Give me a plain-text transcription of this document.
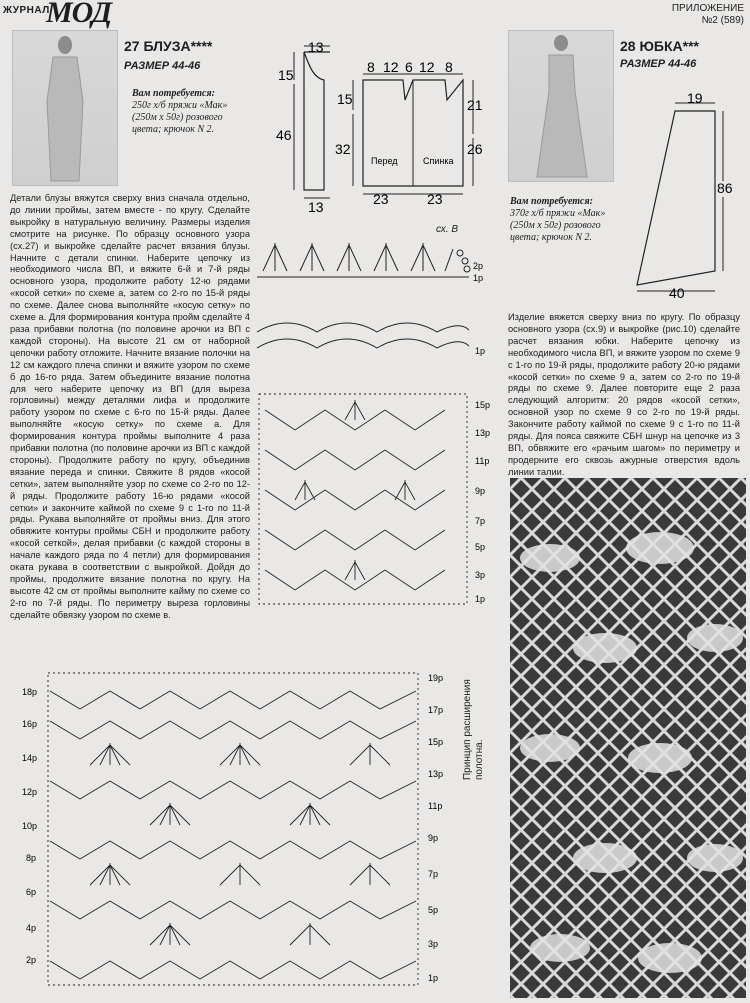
ЖУРНАЛ
МОД	ПРИЛОЖЕНИЕ
№2 (589)
27 БЛУЗА****
РАЗМЕР 44-46
Вам потребуется:
250г х/б пряжи «Мак» (250м х 50г) розового цвета; крючок N 2.
13
15
46
13
8 12 6 12 8
15
32
21
26
23	23
Перед	Спинка

Детали блузы вяжутся сверху вниз сначала отдельно, до линии проймы, затем вместе - по кругу. Сделайте выкройку в натуральную величину. Размеры изделия смотрите на рисунке. По образцу основного узора (сх.27) и выкройке сделайте расчет вязания блузы. Начните с детали спинки. Наберите цепочку из необходимого числа ВП, и вяжите 6-й и 7-й ряды основного узора, продолжите работу 12-ю рядами «косой сетки» по схеме а, затем со 2-го по 15-й ряды по схеме. Далее снова выполняйте «косую сетку» по схеме а. Для формирования контура пройм сделайте 4 раза прибавки полотна (по половине арочки из ВП с каждой стороны). На высоте 21 см от наборной цепочки работу отложите. Начните вязание полочки на 12 см каждого плеча спинки и вяжите узором по схеме б до 16-го ряда. Затем объедините вязание полотна для чего наберите цепочку из ВП (для выреза горловины) между деталями лифа и продолжите работу узором по схеме с 6-го по 15-й ряды. Далее выполняйте «косую сетку» по схеме а. Для формирования контура проймы выполните 4 раза прибавки полотна (по половине арочки из ВП с каждой стороны). Продолжите работу по кругу, объединив вязание переда и спинки. Свяжите 8 рядов «косой сетки», затем выполняйте узор по схеме со 2-го по 12-й ряды. Продолжите работу 16-ю рядами «косой сетки» и закончите каймой по схеме 9 с 1-го по 11-й ряды. Рукава выполняйте от проймы вниз. Для этого обвяжите контуры проймы СБН и продолжите работу «косой сеткой», делая прибавки (с каждой стороны в начале каждого ряда по 4 петли) для формирования оката рукава в соответствии с выкройкой. Дойдя до проймы, продолжите вязание полотна по кругу. На высоте 42 см от проймы выполните кайму по схеме со 2-го по 7-й ряды. По периметру выреза горловины сделайте обвязку узором по схеме в.

сх. В
2р
1р
1р
1р
3р
5р
7р
9р
11р
13р
15р
28 ЮБКА***
РАЗМЕР 44-46
Вам потребуется:
370г х/б пряжи «Мак» (250м х 50г) розового цвета; крючок N 2.
19
86
40

Изделие вяжется сверху вниз по кругу. По образцу основного узора (сх.9) и выкройке (рис.10) сделайте расчет вязания юбки. Наберите цепочку из необходимого числа ВП, и вяжите узором по схеме 9 с 1-го по 19-й ряды, продолжите работу 20-ю рядами «косой сетки» по схеме 9 а, затем со 2-го по 19-й ряды по схеме 9. Далее повторите еще 2 раза следующий алгоритм: 20 рядов «косой сетки», основной узор по схеме 9 со 2-го по 19-й ряды. Закончите работу каймой по схеме 9 с 1-го по 11-й ряды. Для пояса свяжите СБН шнур на цепочке из 3 ВП, обвяжите его «рачьим шагом» по периметру и продерните его сквозь ажурные отверстия вдоль линии талии.

2р
4р
6р
8р
10р
12р
14р
16р
18р
1р
3р
5р
7р
9р
11р
13р
15р
17р
19р
Принцип расширения полотна.
